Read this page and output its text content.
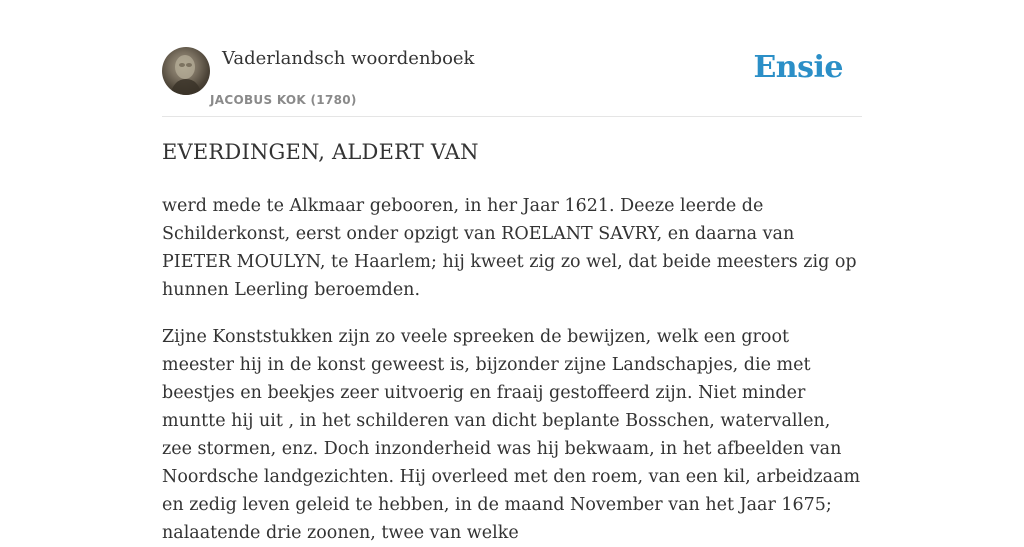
Vaderlandsch woordenboek
JACOBUS KOK (1780)
Ensie
EVERDINGEN, ALDERT VAN

werd mede te Alkmaar gebooren, in her Jaar 1621. Deeze leerde de Schilderkonst, eerst onder opzigt van ROELANT SAVRY, en daarna van PIETER MOULYN, te Haarlem; hij kweet zig zo wel, dat beide meesters zig op hunnen Leerling beroemden.

Zijne Konststukken zijn zo veele spreeken de bewijzen, welk een groot meester hij in de konst geweest is, bijzonder zijne Landschapjes, die met beestjes en beekjes zeer uitvoerig en fraaij gestoffeerd zijn. Niet minder muntte hij uit , in het schilderen van dicht beplante Bosschen, watervallen, zee stormen, enz. Doch inzonderheid was hij bekwaam, in het afbeelden van Noordsche landgezichten. Hij overleed met den roem, van een kil, arbeidzaam en zedig leven geleid te hebben, in de maand November van het Jaar 1675; nalaatende drie zoonen, twee van welke
